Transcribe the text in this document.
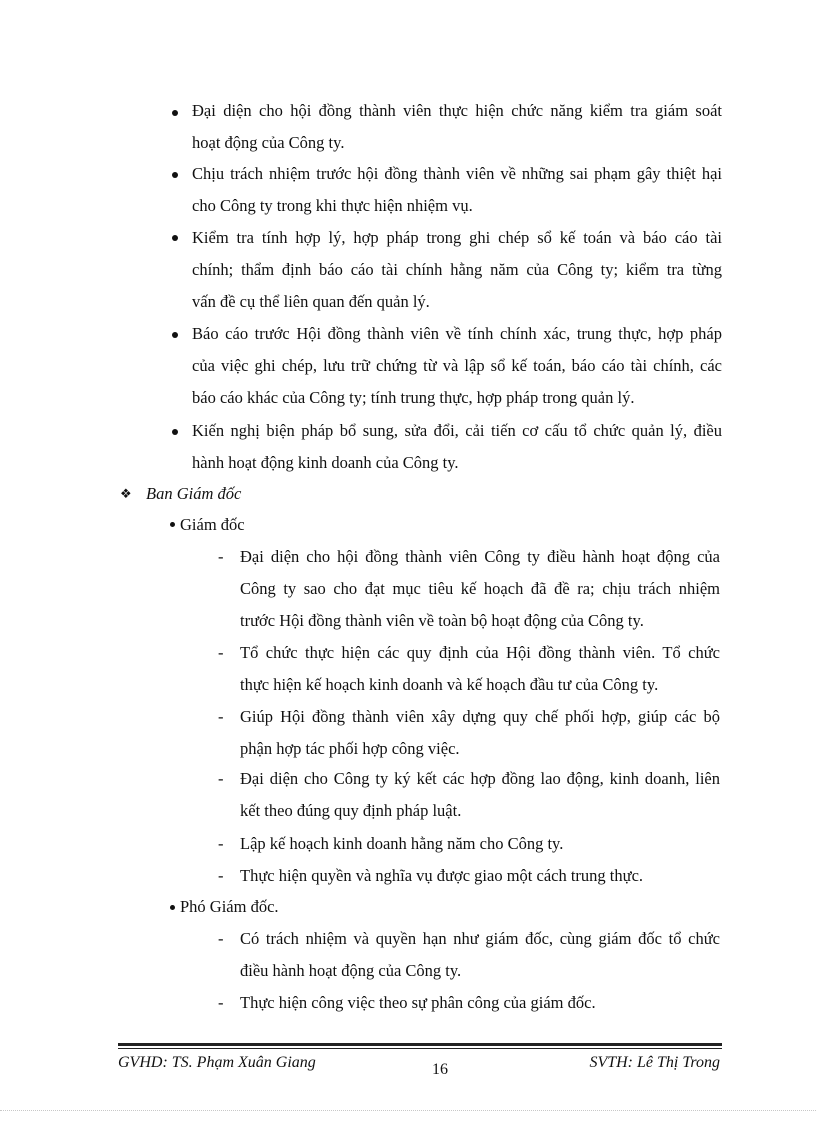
Đại diện cho hội đồng thành viên thực hiện chức năng kiểm tra giám soát
hoạt động của Công ty.
Chịu trách nhiệm trước hội đồng thành viên về những sai phạm gây thiệt hại
cho Công ty trong khi thực hiện nhiệm vụ.
Kiểm tra tính hợp lý, hợp pháp trong ghi chép sổ kế toán và báo cáo tài
chính; thẩm định báo cáo tài chính hằng năm của Công ty; kiểm tra từng
vấn đề cụ thể liên quan đến quản lý.
Báo cáo trước Hội đồng thành viên về tính chính xác, trung thực, hợp pháp
của việc ghi chép, lưu trữ chứng từ và lập sổ kế toán, báo cáo tài chính, các
báo cáo khác của Công ty; tính trung thực, hợp pháp trong quản lý.
Kiến nghị biện pháp bổ sung, sửa đổi, cải tiến cơ cấu tổ chức quản lý, điều
hành hoạt động kinh doanh của Công ty.
❖ Ban Giám đốc
Giám đốc
- Đại diện cho hội đồng thành viên Công ty điều hành hoạt động của
Công ty sao cho đạt mục tiêu kế hoạch đã đề ra; chịu trách nhiệm
trước Hội đồng thành viên về toàn bộ hoạt động của Công ty.
- Tổ chức thực hiện các quy định của Hội đồng thành viên. Tổ chức
thực hiện kế hoạch kinh doanh và kế hoạch đầu tư của Công ty.
- Giúp Hội đồng thành viên xây dựng quy chế phối hợp, giúp các bộ
phận hợp tác phối hợp công việc.
- Đại diện cho Công ty ký kết các hợp đồng lao động, kinh doanh, liên
kết theo đúng quy định pháp luật.
- Lập kế hoạch kinh doanh hằng năm cho Công ty.
- Thực hiện quyền và nghĩa vụ được giao một cách trung thực.
Phó Giám đốc.
- Có trách nhiệm và quyền hạn như giám đốc, cùng giám đốc tổ chức
điều hành hoạt động của Công ty.
- Thực hiện công việc theo sự phân công của giám đốc.
GVHD: TS. Phạm Xuân Giang	16	SVTH: Lê Thị Trong
